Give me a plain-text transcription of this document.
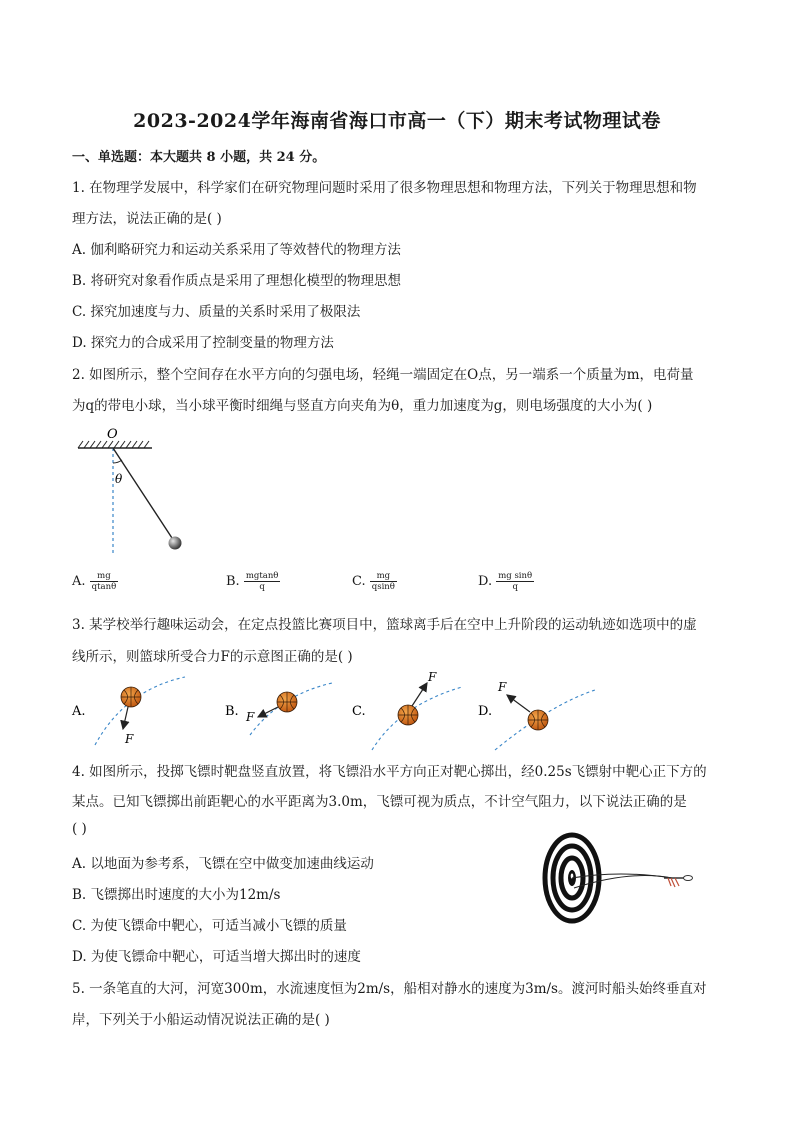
2023-2024学年海南省海口市高一（下）期末考试物理试卷
一、单选题：本大题共 8 小题，共 24 分。
1. 在物理学发展中，科学家们在研究物理问题时采用了很多物理思想和物理方法，下列关于物理思想和物
理方法，说法正确的是( )
A. 伽利略研究力和运动关系采用了等效替代的物理方法
B. 将研究对象看作质点是采用了理想化模型的物理思想
C. 探究加速度与力、质量的关系时采用了极限法
D. 探究力的合成采用了控制变量的物理方法
2. 如图所示，整个空间存在水平方向的匀强电场，轻绳一端固定在O点，另一端系一个质量为m，电荷量
为q的带电小球，当小球平衡时细绳与竖直方向夹角为θ，重力加速度为g，则电场强度的大小为( )
O
θ
A. $\frac{mg}{qtan\theta}$	B. $\frac{mgtan\theta}{q}$	C. $\frac{mg}{qsin\theta}$	D. $\frac{\text{mg sinθ}}{q}$
3. 某学校举行趣味运动会，在定点投篮比赛项目中，篮球离手后在空中上升阶段的运动轨迹如选项中的虚
线所示，则篮球所受合力F的示意图正确的是( )
A.
F
B. F	C.
F
D.
F
4. 如图所示，投掷飞镖时靶盘竖直放置，将飞镖沿水平方向正对靶心掷出，经0.25s飞镖射中靶心正下方的
某点。已知飞镖掷出前距靶心的水平距离为3.0m，飞镖可视为质点，不计空气阻力，以下说法正确的是
( )
A. 以地面为参考系，飞镖在空中做变加速曲线运动
B. 飞镖掷出时速度的大小为12m/s
C. 为使飞镖命中靶心，可适当减小飞镖的质量
D. 为使飞镖命中靶心，可适当增大掷出时的速度
5. 一条笔直的大河，河宽300m，水流速度恒为2m/s，船相对静水的速度为3m/s。渡河时船头始终垂直对
岸，下列关于小船运动情况说法正确的是( )
